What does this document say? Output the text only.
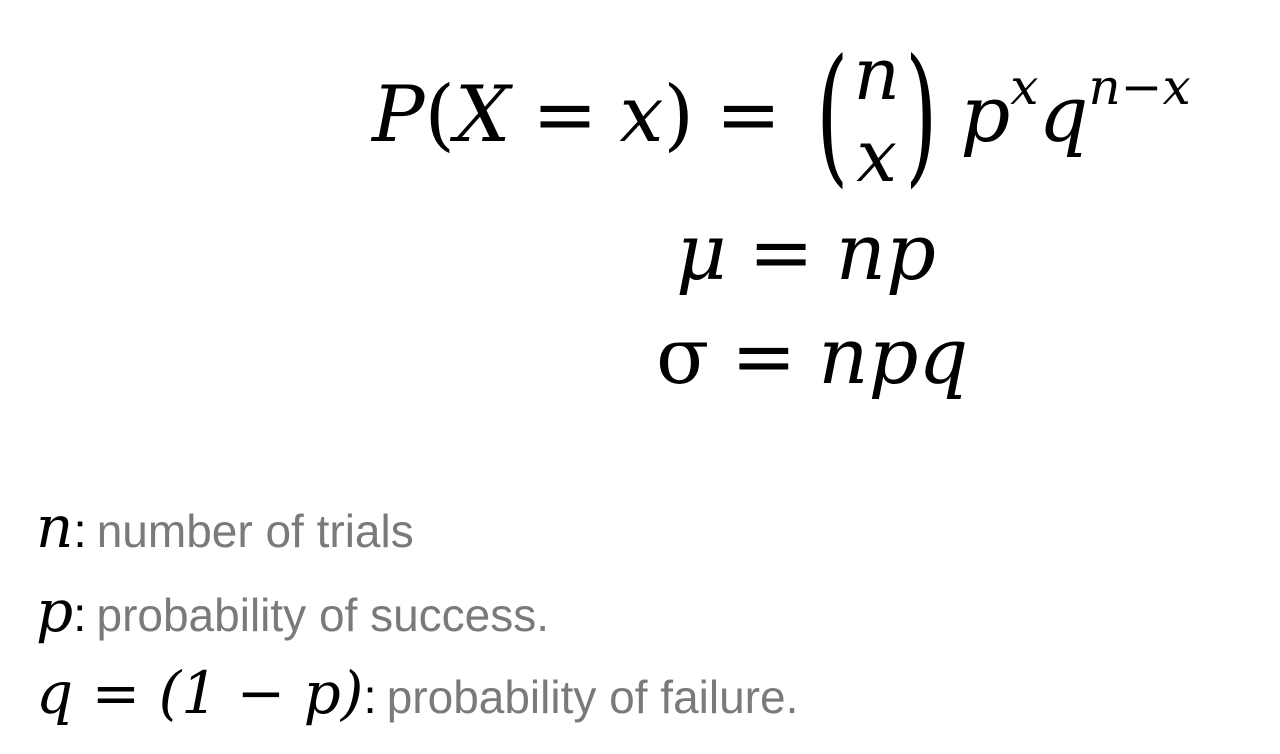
P ( X = x ) = ( n
x ) $p^x$ $q^{n-x}$
μ = np
σ = npq
n : number of trials
p : probability of success.
q = (1 − p) : probability of failure.
